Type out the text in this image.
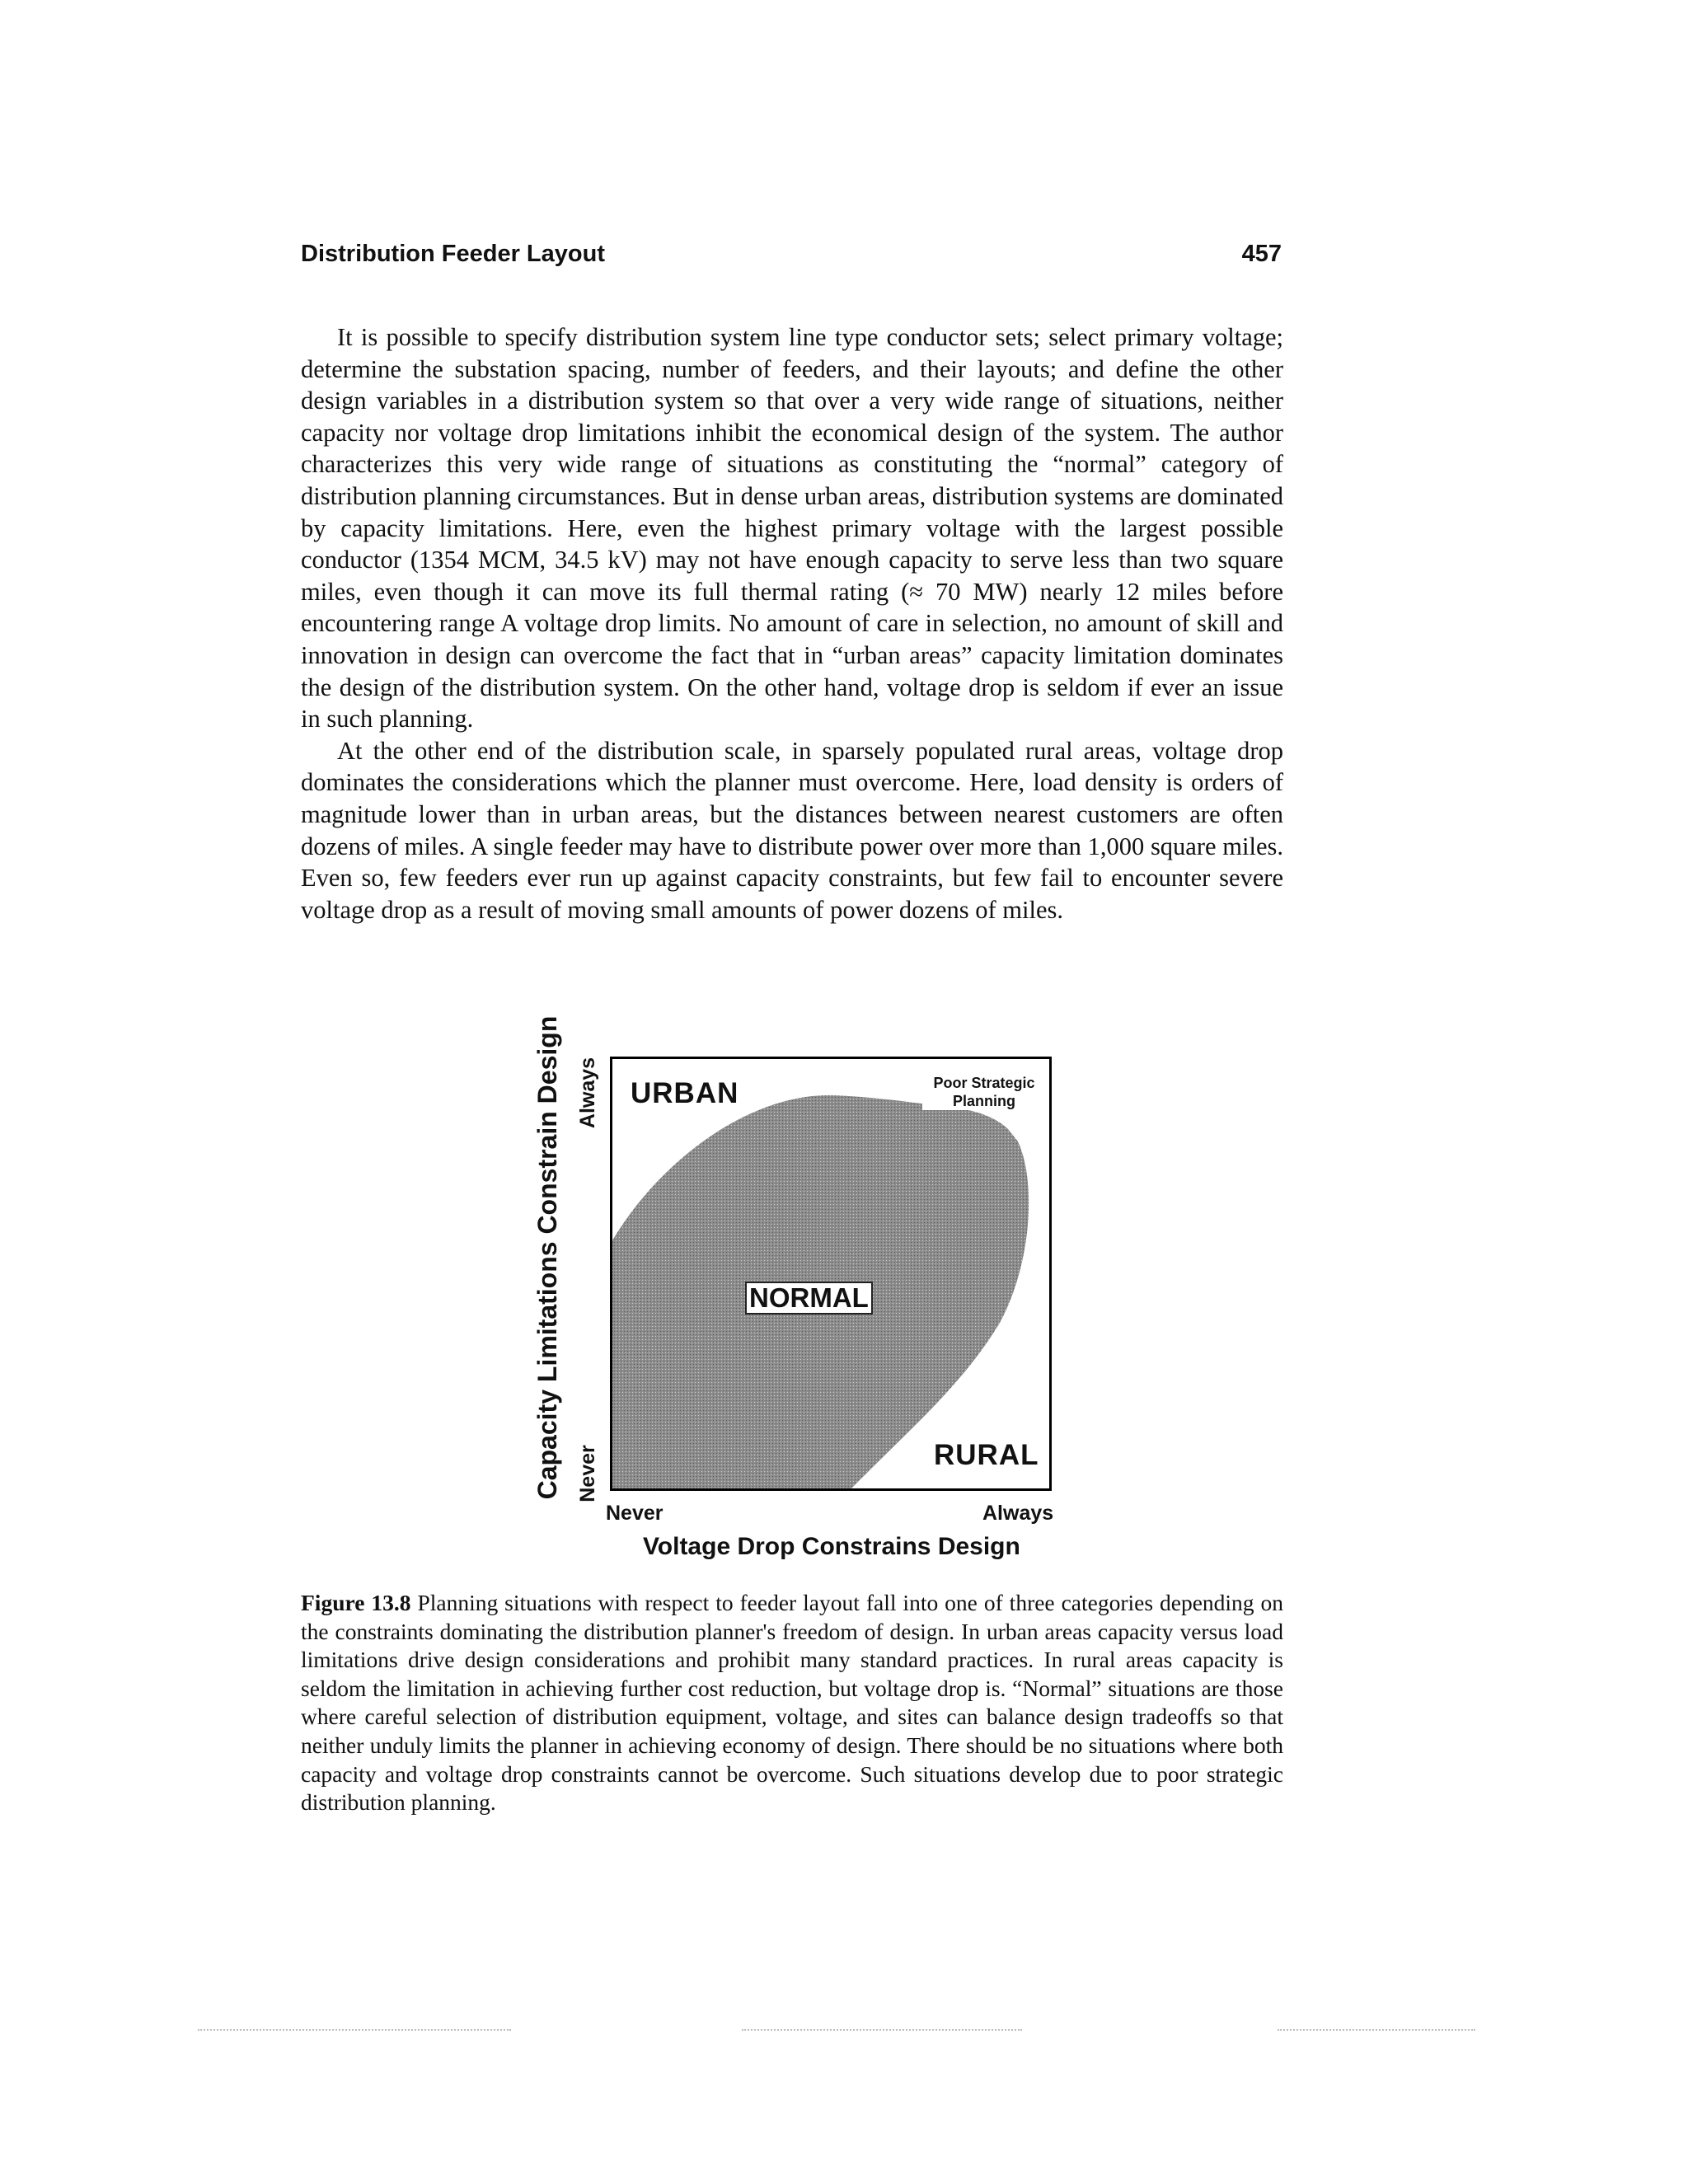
Distribution Feeder Layout	457

It is possible to specify distribution system line type conductor sets; select primary voltage; determine the substation spacing, number of feeders, and their layouts; and define the other design variables in a distribution system so that over a very wide range of situations, neither capacity nor voltage drop limitations inhibit the economical design of the system. The author characterizes this very wide range of situations as constituting the “normal” category of distribution planning circumstances. But in dense urban areas, distribution systems are dominated by capacity limitations. Here, even the highest primary voltage with the largest possible conductor (1354 MCM, 34.5 kV) may not have enough capacity to serve less than two square miles, even though it can move its full thermal rating (≈ 70 MW) nearly 12 miles before encountering range A voltage drop limits. No amount of care in selection, no amount of skill and innovation in design can overcome the fact that in “urban areas” capacity limitation dominates the design of the distribution system. On the other hand, voltage drop is seldom if ever an issue in such planning.

At the other end of the distribution scale, in sparsely populated rural areas, voltage drop dominates the considerations which the planner must overcome. Here, load density is orders of magnitude lower than in urban areas, but the distances between nearest customers are often dozens of miles. A single feeder may have to distribute power over more than 1,000 square miles. Even so, few feeders ever run up against capacity constraints, but few fail to encounter severe voltage drop as a result of moving small amounts of power dozens of miles.

Capacity Limitations Constrain Design Always
Never
URBAN	Poor Strategic Planning
NORMAL
RURAL
Never	Always
Voltage Drop Constrains Design
Figure 13.8 Planning situations with respect to feeder layout fall into one of three categories depending on the constraints dominating the distribution planner's freedom of design. In urban areas capacity versus load limitations drive design considerations and prohibit many standard practices. In rural areas capacity is seldom the limitation in achieving further cost reduction, but voltage drop is. “Normal” situations are those where careful selection of distribution equipment, voltage, and sites can balance design tradeoffs so that neither unduly limits the planner in achieving economy of design. There should be no situations where both capacity and voltage drop constraints cannot be overcome. Such situations develop due to poor strategic distribution planning.
